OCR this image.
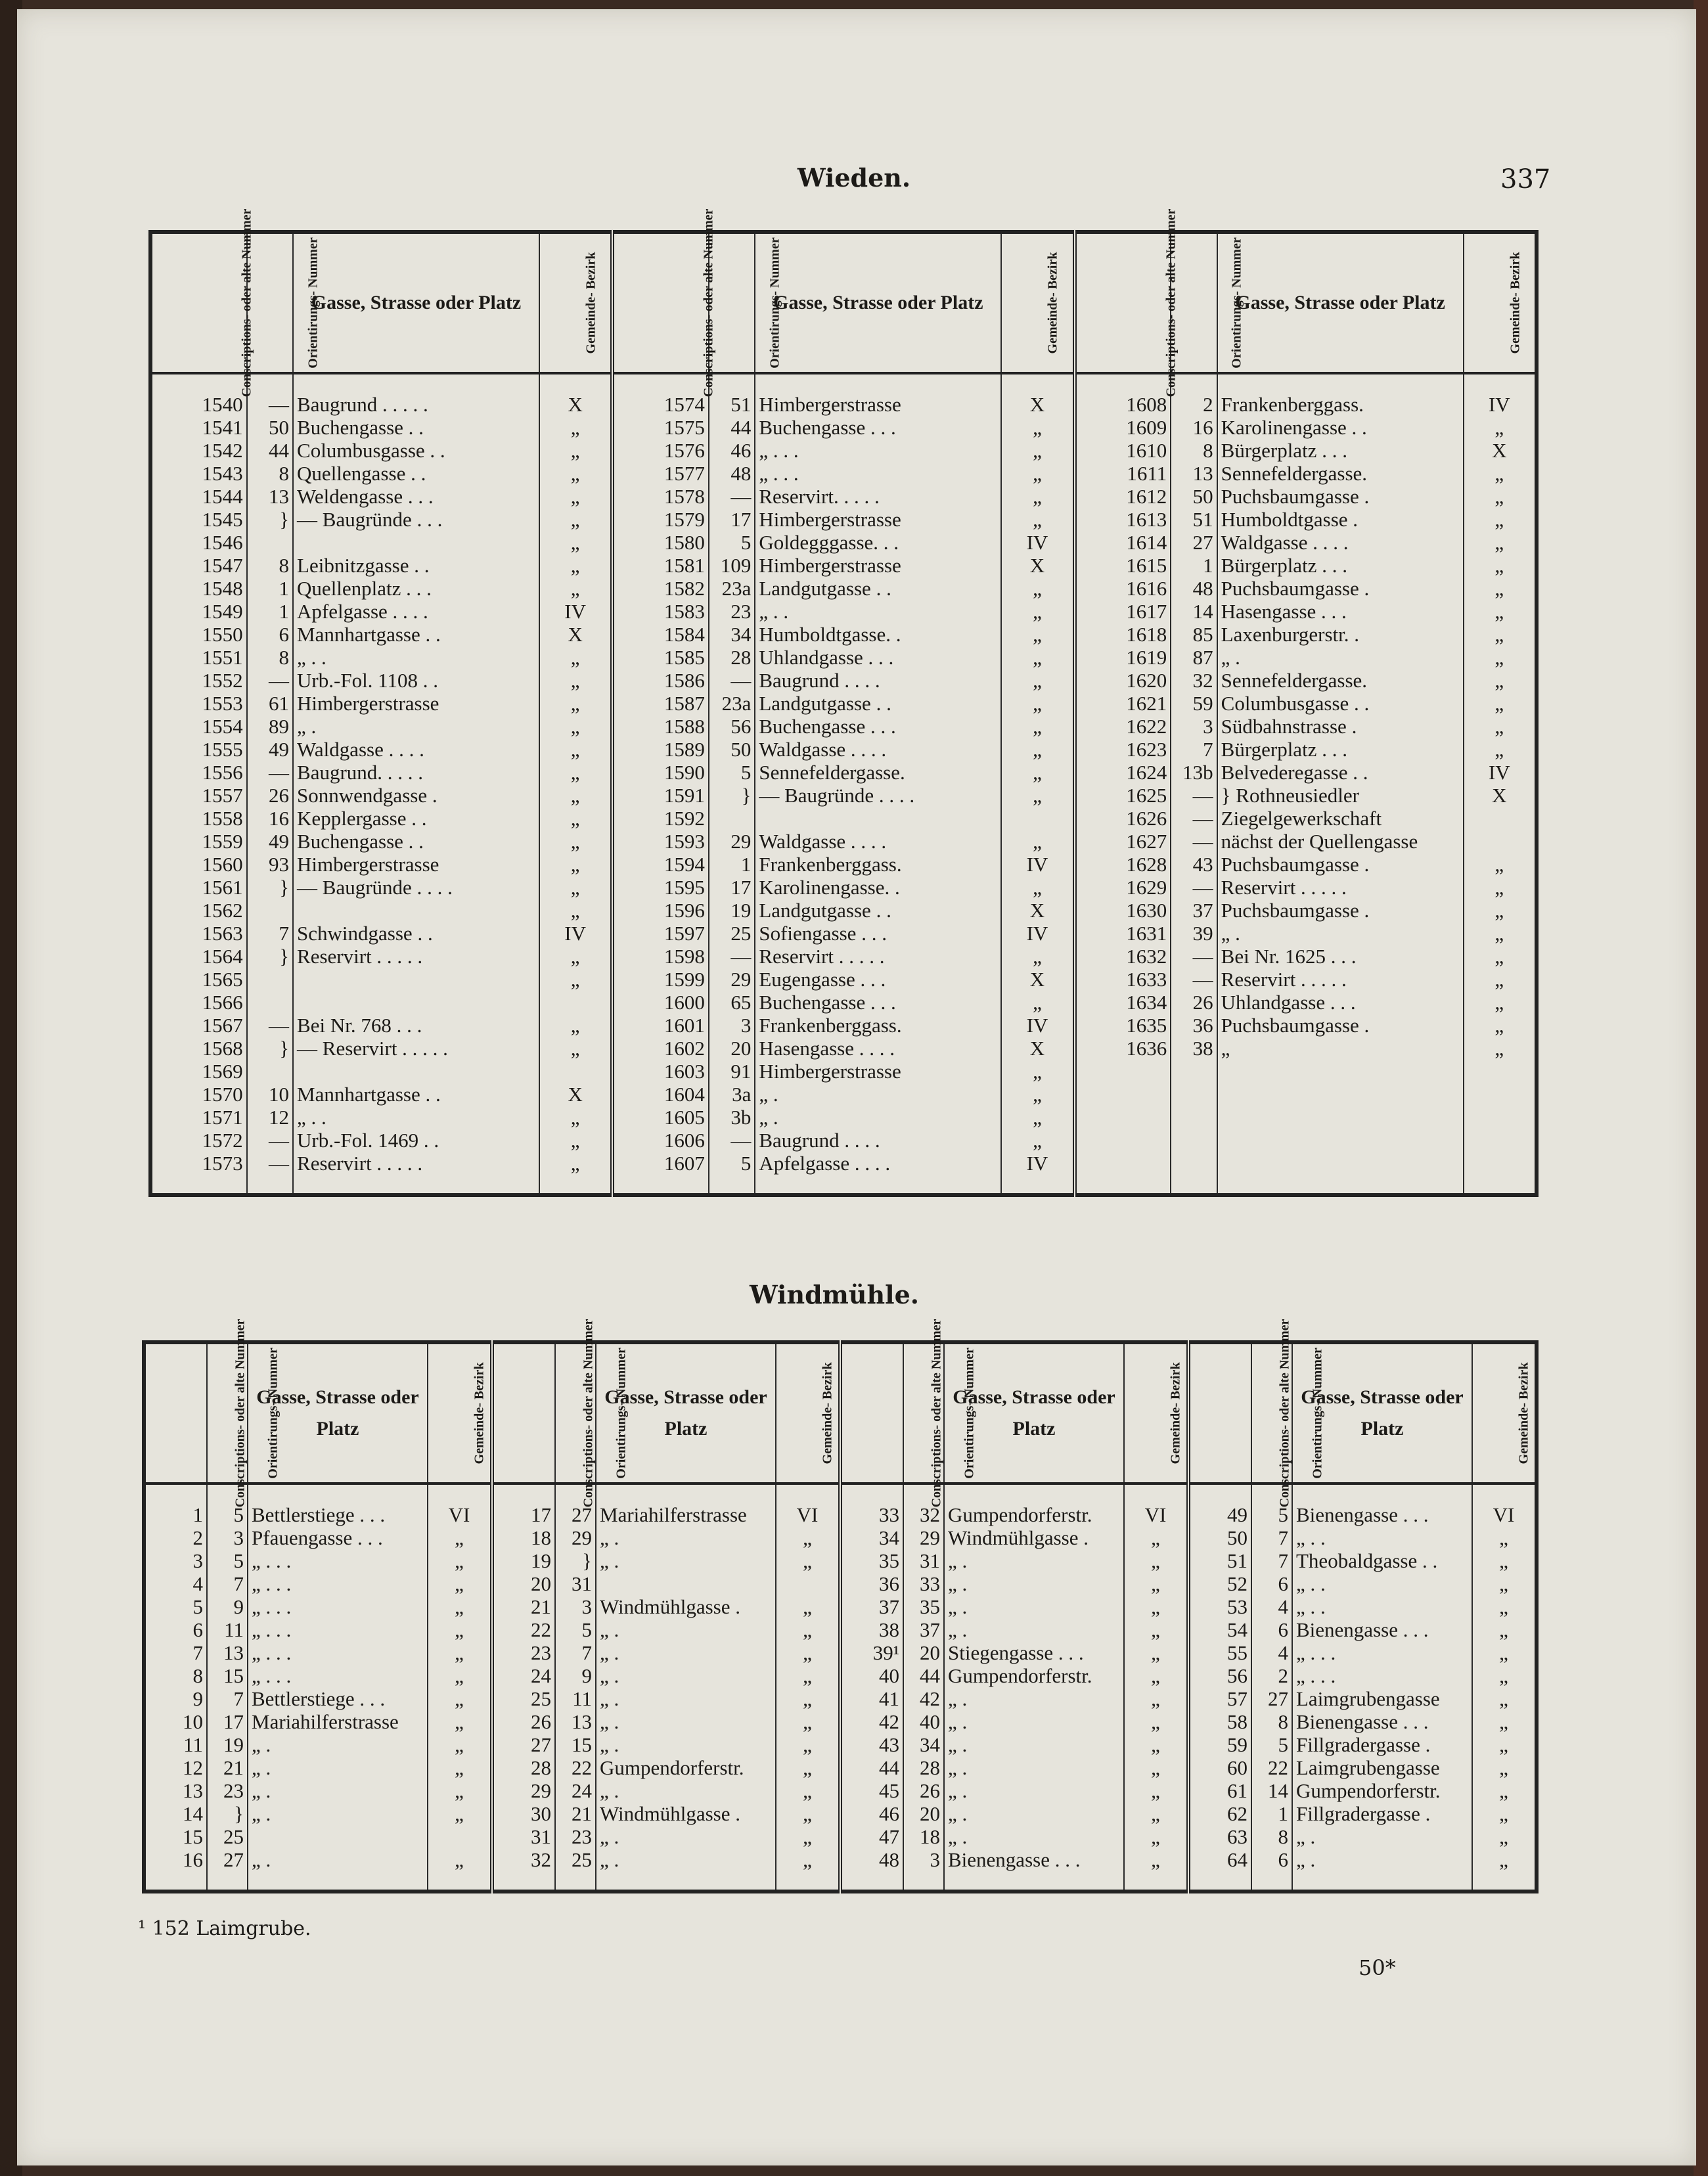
Wieden.	337
Conscriptions- oder alte Nummer	Orientirungs- Nummer	Gasse, Strasse oder Platz	Gemeinde- Bezirk	Conscriptions- oder alte Nummer	Orientirungs- Nummer	Gasse, Strasse oder Platz	Gemeinde- Bezirk	Conscriptions- oder alte Nummer	Orientirungs- Nummer	Gasse, Strasse oder Platz	Gemeinde- Bezirk

1540	—	Baugrund . . . . .	X	1574	51	Himbergerstrasse	X	1608	2	Frankenberggass.	IV
1541	50	Buchengasse . .	„	1575	44	Buchengasse . . .	„	1609	16	Karolinengasse . .	„
1542	44	Columbusgasse . .	„	1576	46	„ . . .	„	1610	8	Bürgerplatz . . .	X
1543	8	Quellengasse . .	„	1577	48	„ . . .	„	1611	13	Sennefeldergasse.	„
1544	13	Weldengasse . . .	„	1578	—	Reservirt. . . . .	„	1612	50	Puchsbaumgasse .	„
1545	}	— Baugründe . . .	„	1579	17	Himbergerstrasse	„	1613	51	Humboldtgasse .	„
1546			„	1580	5	Goldegggasse. . .	IV	1614	27	Waldgasse . . . .	„
1547	8	Leibnitzgasse . .	„	1581	109	Himbergerstrasse	X	1615	1	Bürgerplatz . . .	„
1548	1	Quellenplatz . . .	„	1582	23a	Landgutgasse . .	„	1616	48	Puchsbaumgasse .	„
1549	1	Apfelgasse . . . .	IV	1583	23	„ . .	„	1617	14	Hasengasse . . .	„
1550	6	Mannhartgasse . .	X	1584	34	Humboldtgasse. .	„	1618	85	Laxenburgerstr. .	„
1551	8	„ . .	„	1585	28	Uhlandgasse . . .	„	1619	87	„ .	„
1552	—	Urb.-Fol. 1108 . .	„	1586	—	Baugrund . . . .	„	1620	32	Sennefeldergasse.	„
1553	61	Himbergerstrasse	„	1587	23a	Landgutgasse . .	„	1621	59	Columbusgasse . .	„
1554	89	„ .	„	1588	56	Buchengasse . . .	„	1622	3	Südbahnstrasse .	„
1555	49	Waldgasse . . . .	„	1589	50	Waldgasse . . . .	„	1623	7	Bürgerplatz . . .	„
1556	—	Baugrund. . . . .	„	1590	5	Sennefeldergasse.	„	1624	13b	Belvederegasse . .	IV
1557	26	Sonnwendgasse .	„	1591	}	— Baugründe . . . .	„	1625	—	} Rothneusiedler	X
1558	16	Kepplergasse . .	„	1592				1626	—	Ziegelgewerkschaft	
1559	49	Buchengasse . .	„	1593	29	Waldgasse . . . .	„	1627	—	nächst der Quellengasse	
1560	93	Himbergerstrasse	„	1594	1	Frankenberggass.	IV	1628	43	Puchsbaumgasse .	„
1561	}	— Baugründe . . . .	„	1595	17	Karolinengasse. .	„	1629	—	Reservirt . . . . .	„
1562			„	1596	19	Landgutgasse . .	X	1630	37	Puchsbaumgasse .	„
1563	7	Schwindgasse . .	IV	1597	25	Sofiengasse . . .	IV	1631	39	„ .	„
1564	}	Reservirt . . . . .	„	1598	—	Reservirt . . . . .	„	1632	—	Bei Nr. 1625 . . .	„
1565			„	1599	29	Eugengasse . . .	X	1633	—	Reservirt . . . . .	„
1566				1600	65	Buchengasse . . .	„	1634	26	Uhlandgasse . . .	„
1567	—	Bei Nr. 768 . . .	„	1601	3	Frankenberggass.	IV	1635	36	Puchsbaumgasse .	„
1568	}	— Reservirt . . . . .	„	1602	20	Hasengasse . . . .	X	1636	38	„	„
1569				1603	91	Himbergerstrasse	„				
1570	10	Mannhartgasse . .	X	1604	3a	„ .	„				
1571	12	„ . .	„	1605	3b	„ .	„				
1572	—	Urb.-Fol. 1469 . .	„	1606	—	Baugrund . . . .	„				
1573	—	Reservirt . . . . .	„	1607	5	Apfelgasse . . . .	IV				

Windmühle.
Conscriptions- oder alte Nummer	Orientirungs- Nummer	Gasse, Strasse oder Platz	Gemeinde- Bezirk	Conscriptions- oder alte Nummer	Orientirungs- Nummer	Gasse, Strasse oder Platz	Gemeinde- Bezirk	Conscriptions- oder alte Nummer	Orientirungs- Nummer	Gasse, Strasse oder Platz	Gemeinde- Bezirk	Conscriptions- oder alte Nummer	Orientirungs- Nummer	Gasse, Strasse oder Platz	Gemeinde- Bezirk

1	5	Bettlerstiege . . .	VI	17	27	Mariahilferstrasse	VI	33	32	Gumpendorferstr.	VI	49	5	Bienengasse . . .	VI
2	3	Pfauengasse . . .	„	18	29	„ .	„	34	29	Windmühlgasse .	„	50	7	„ . .	„
3	5	„ . . .	„	19	}	„ .	„	35	31	„ .	„	51	7	Theobaldgasse . .	„
4	7	„ . . .	„	20	31			36	33	„ .	„	52	6	„ . .	„
5	9	„ . . .	„	21	3	Windmühlgasse .	„	37	35	„ .	„	53	4	„ . .	„
6	11	„ . . .	„	22	5	„ .	„	38	37	„ .	„	54	6	Bienengasse . . .	„
7	13	„ . . .	„	23	7	„ .	„	39¹	20	Stiegengasse . . .	„	55	4	„ . . .	„
8	15	„ . . .	„	24	9	„ .	„	40	44	Gumpendorferstr.	„	56	2	„ . . .	„
9	7	Bettlerstiege . . .	„	25	11	„ .	„	41	42	„ .	„	57	27	Laimgrubengasse	„
10	17	Mariahilferstrasse	„	26	13	„ .	„	42	40	„ .	„	58	8	Bienengasse . . .	„
11	19	„ .	„	27	15	„ .	„	43	34	„ .	„	59	5	Fillgradergasse .	„
12	21	„ .	„	28	22	Gumpendorferstr.	„	44	28	„ .	„	60	22	Laimgrubengasse	„
13	23	„ .	„	29	24	„ .	„	45	26	„ .	„	61	14	Gumpendorferstr.	„
14	}	„ .	„	30	21	Windmühlgasse .	„	46	20	„ .	„	62	1	Fillgradergasse .	„
15	25			31	23	„ .	„	47	18	„ .	„	63	8	„ .	„
16	27	„ .	„	32	25	„ .	„	48	3	Bienengasse . . .	„	64	6	„ .	„

¹ 152 Laimgrube.
50*
